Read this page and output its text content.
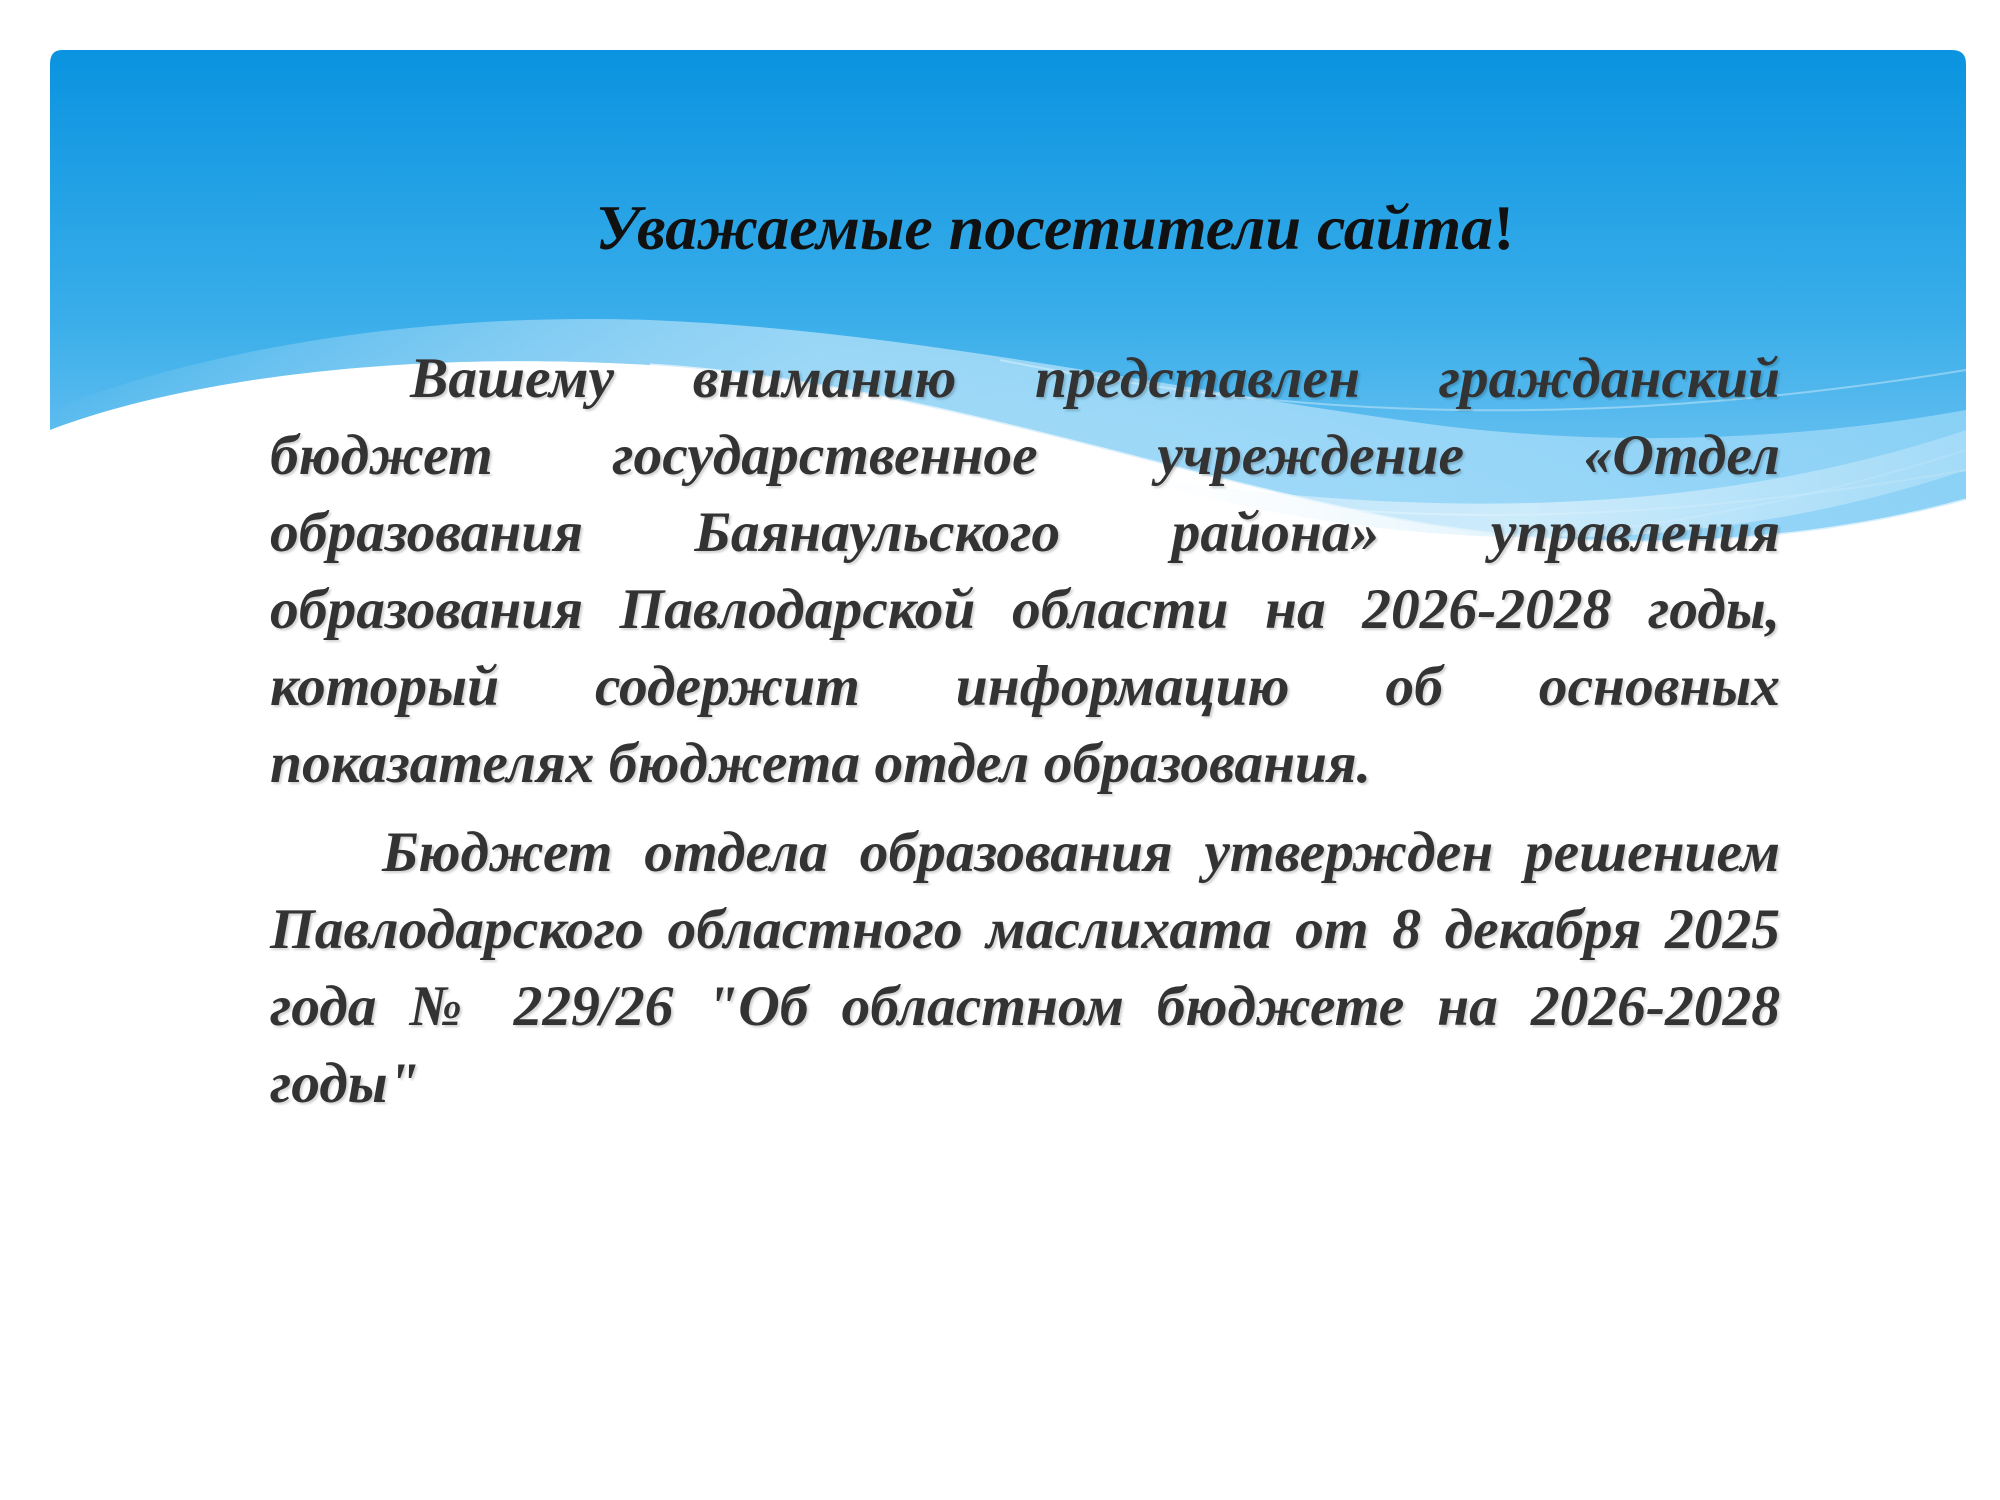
Уважаемые посетители сайта!

Вашему вниманию представлен гражданский бюджет государственное учреждение «Отдел образования Баянаульского района» управления образования Павлодарской области на 2026-2028 годы, который содержит информацию об основных показателях бюджета отдел образования.

Бюджет отдела образования утвержден решением Павлодарского областного маслихата от 8 декабря 2025 года № 229/26 "Об областном бюджете на 2026-2028 годы"
